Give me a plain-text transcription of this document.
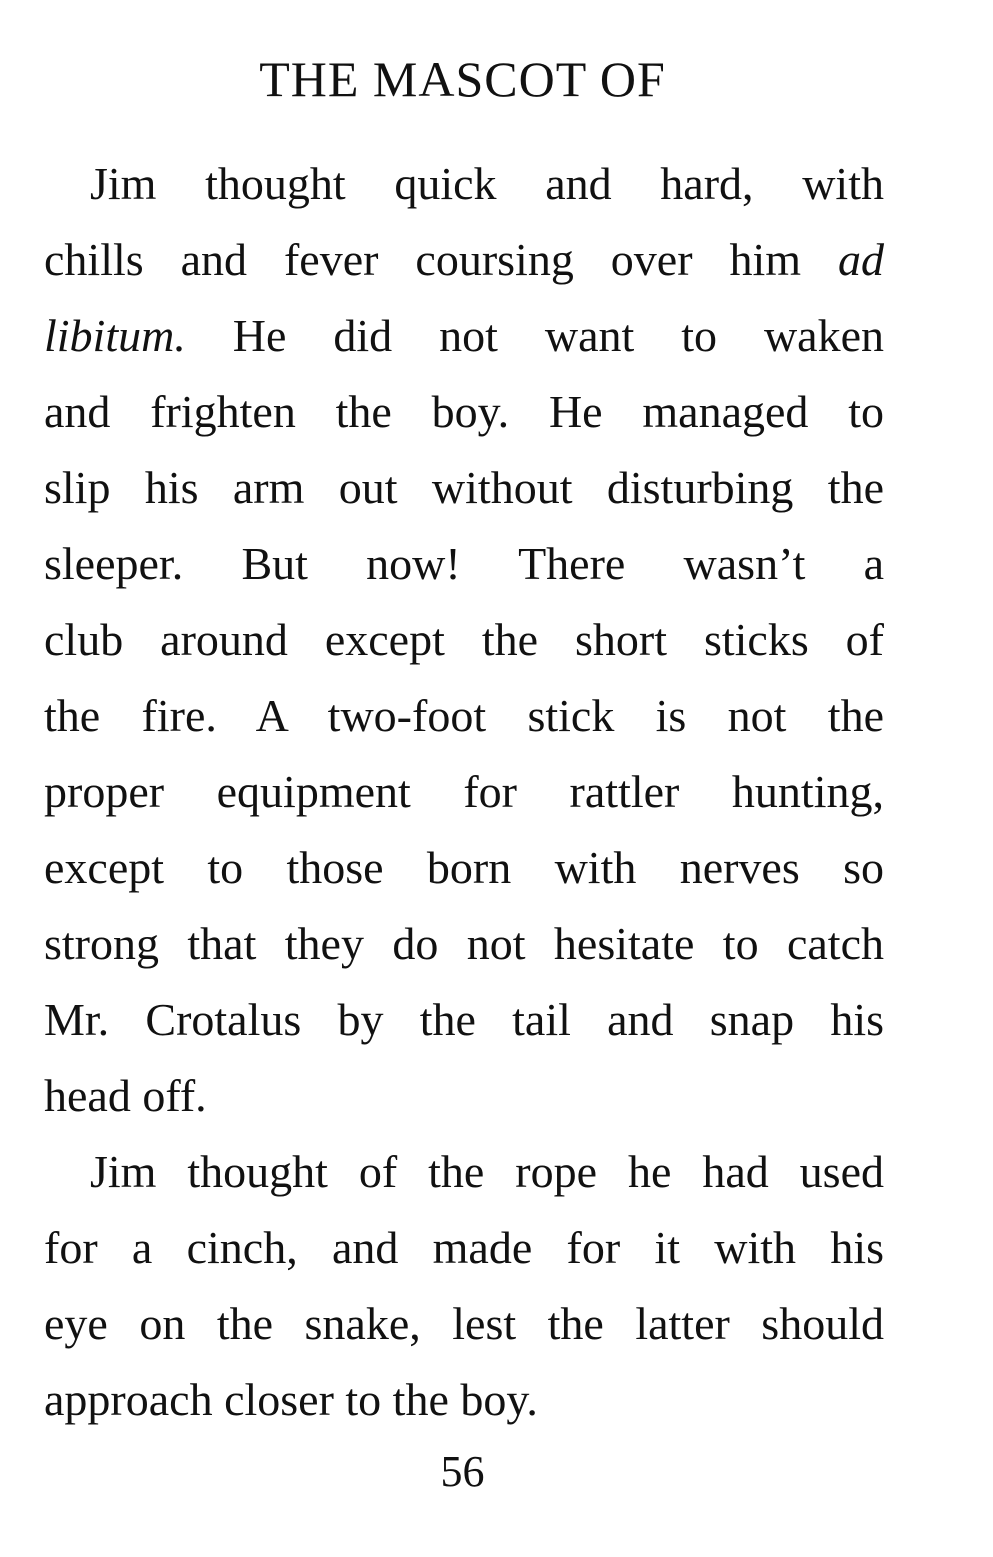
THE MASCOT OF
Jim thought quick and hard, with
chills and fever coursing over him ad
libitum. He did not want to waken
and frighten the boy. He managed to
slip his arm out without disturbing the
sleeper. But now! There wasn’t a
club around except the short sticks of
the fire. A two-foot stick is not the
proper equipment for rattler hunting,
except to those born with nerves so
strong that they do not hesitate to catch
Mr. Crotalus by the tail and snap his
head off.
Jim thought of the rope he had used
for a cinch, and made for it with his
eye on the snake, lest the latter should
approach closer to the boy.
56
